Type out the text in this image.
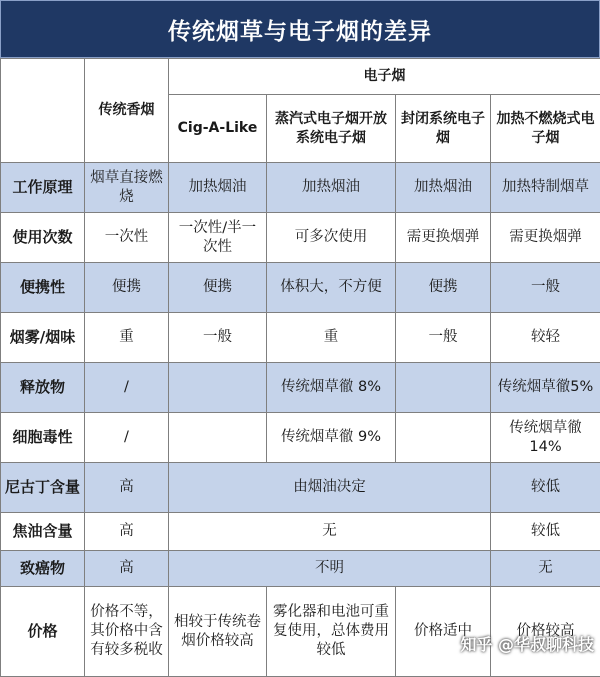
传统烟草与电子烟的差异
	传统香烟	电子烟			
		Cig-A-Like	蒸汽式电子烟开放系统电子烟	封闭系统电子烟	加热不燃烧式电子烟
工作原理	烟草直接燃烧	加热烟油	加热烟油	加热烟油	加热特制烟草
使用次数	一次性	一次性/半一次性	可多次使用	需更换烟弹	需更换烟弹
便携性	便携	便携	体积大，不方便	便携	一般
烟雾/烟味	重	一般	重	一般	较轻
释放物	/		传统烟草徹 8%		传统烟草徹5%
细胞毒性	/		传统烟草徹 9%		传统烟草徹14%
尼古丁含量	高	由烟油决定			较低
焦油含量	高	无			较低
致癌物	高	不明			无
价格	价格不等，其价格中含有较多税收	相较于传统卷烟价格较高	雾化器和电池可重复使用，总体费用较低	价格适中	价格较高
知乎 @华叔聊科技
